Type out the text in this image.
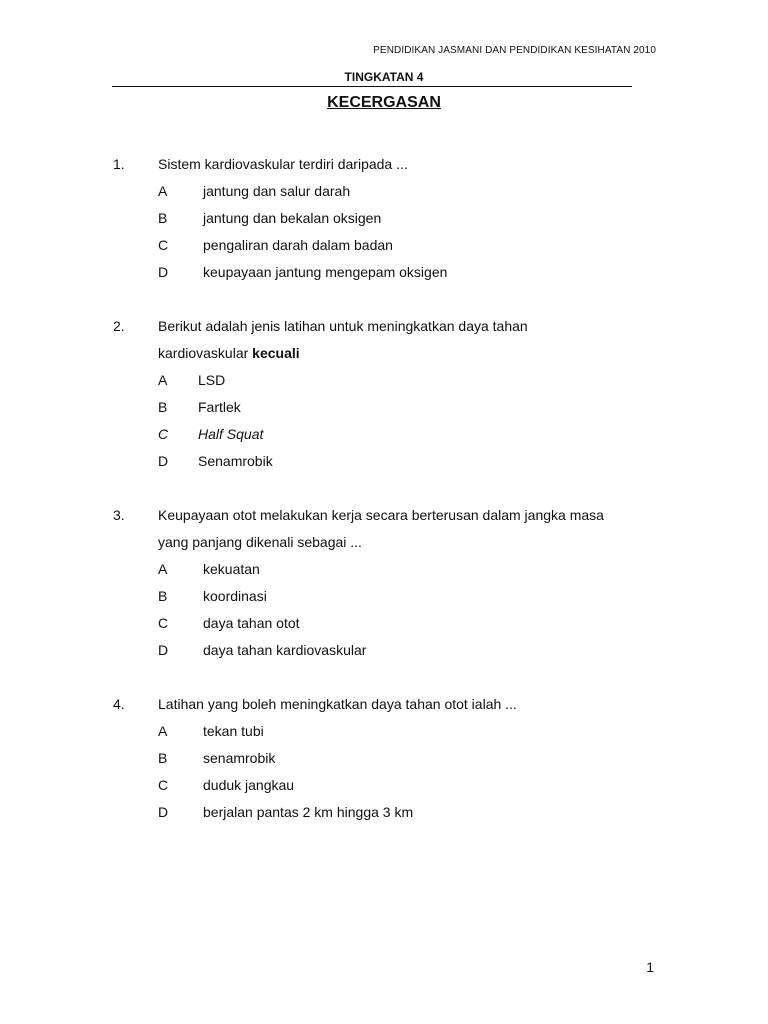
PENDIDIKAN JASMANI DAN PENDIDIKAN KESIHATAN 2010
TINGKATAN 4
KECERGASAN
1. Sistem kardiovaskular terdiri daripada ...
A	jantung dan salur darah
B	jantung dan bekalan oksigen
C pengaliran darah dalam badan
D keupayaan jantung mengepam oksigen
2. Berikut adalah jenis latihan untuk meningkatkan daya tahan
kardiovaskular kecuali
A LSD
B Fartlek
C Half Squat
D Senamrobik
3. Keupayaan otot melakukan kerja secara berterusan dalam jangka masa
yang panjang dikenali sebagai ...
A	kekuatan
B	koordinasi
C daya tahan otot
D daya tahan kardiovaskular
4. Latihan yang boleh meningkatkan daya tahan otot ialah ...
A	tekan tubi
B	senamrobik
C duduk jangkau
D berjalan pantas 2 km hingga 3 km
1
